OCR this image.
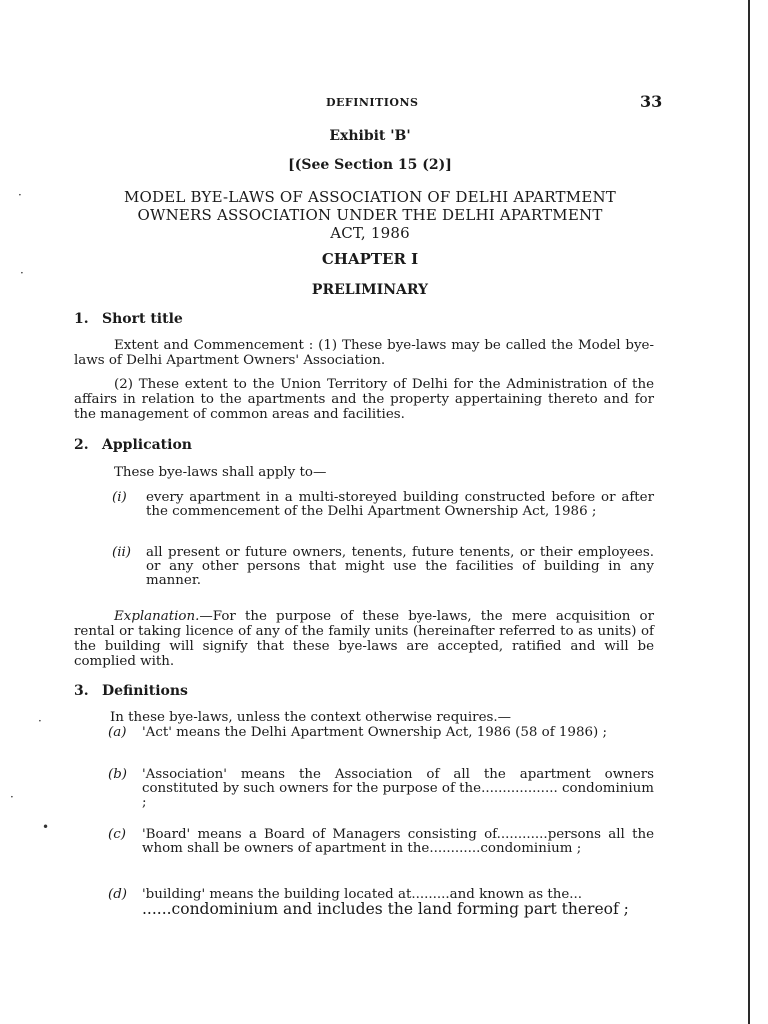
DEFINITIONS	33
Exhibit 'B'
[(See Section 15 (2)]
MODEL BYE-LAWS OF ASSOCIATION OF DELHI APARTMENT
OWNERS ASSOCIATION UNDER THE DELHI APARTMENT
ACT, 1986
CHAPTER I
PRELIMINARY
1. Short title

Extent and Commencement : (1) These bye-laws may be called the Model bye-laws of Delhi Apartment Owners' Association.

(2) These extent to the Union Territory of Delhi for the Administration of the affairs in relation to the apartments and the property appertaining thereto and for the management of common areas and facilities.

2. Application

These bye-laws shall apply to—

(i) every apartment in a multi-storeyed building constructed before or after the commencement of the Delhi Apartment Ownership Act, 1986 ;
(ii) all present or future owners, tenents, future tenents, or their employees. or any other persons that might use the facilities of building in any manner.

Explanation.—For the purpose of these bye-laws, the mere acquisition or rental or taking licence of any of the family units (hereinafter referred to as units) of the building will signify that these bye-laws are accepted, ratified and will be complied with.

3. Definitions

In these bye-laws, unless the context otherwise requires.—

(a) 'Act' means the Delhi Apartment Ownership Act, 1986 (58 of 1986) ;
(b) 'Association' means the Association of all the apartment owners constituted by such owners for the purpose of the.................. condominium ;
(c) 'Board' means a Board of Managers consisting of............persons all the whom shall be owners of apartment in the............condominium ;
(d) 'building' means the building located at.........and known as the...
......condominium and includes the land forming part thereof ;
·
·
·
·
•
